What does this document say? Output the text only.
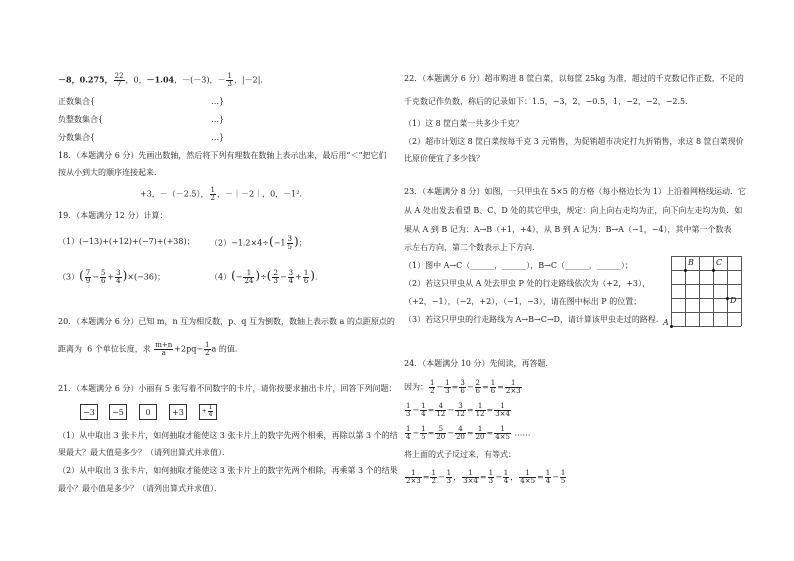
－8，0.275， $\frac{22}{7}$ ，0，－1.04，－(－3)，－ $\frac{1}{3}$ ，|－2|．
正数集合{	…}
负整数集合{	…}
分数集合{	…}
18．（本题满分 6 分）先画出数轴，然后将下列有理数在数轴上表示出来，最后用“＜”把它们
按从小到大的顺序连接起来．
+3，－（－2.5）， $\frac{1}{2}$ ，－｜－2｜，0，－1²．
19．（本题满分 12 分）计算：
（1）(−13)+(+12)+(−7)+(+38)； $(2)-1.2\times 4\div(-1 \frac{3}{5}$ )；
$(3)( \frac{7}{9} - \frac{5}{6} + \frac{3}{4} )\times(-36)$；	$(4)(- \frac{1}{24}$ )÷( $\frac{2}{3} - \frac{3}{4} + \frac{1}{6}$ )．
20．（本题满分 6 分）已知 m，n 互为相反数，p、q 互为倒数，数轴上表示数 a 的点距原点的
距离为 6 个单位长度，求 $\frac{m+n}{a} +2pq- \frac{1}{2}$ a 的值．
21．（本题满分 6 分）小丽有 5 张写着不同数字的卡片，请你按要求抽出卡片，回答下列问题：
−3	−5	0	+3	+ $\frac{1}{4}$
（1）从中取出 3 张卡片，如何抽取才能使这 3 张卡片上的数字先两个相乘，再除以第 3 个的结
果最大？最大值是多少？（请列出算式并求值）．
（2）从中取出 3 张卡片，如何抽取才能使这 3 张卡片上的数字先两个相除，再乘第 3 个的结果
最小？最小值是多少？（请列出算式并求值）．
22．（本题满分 6 分）超市购进 8 筐白菜，以每筐 25kg 为准，超过的千克数记作正数，不足的
千克数记作负数，称后的记录如下：1.5，−3，2，−0.5，1，−2，−2，−2.5．
（1）这 8 筐白菜一共多少千克？
（2）超市计划这 8 筐白菜按每千克 3 元销售，为促销超市决定打九折销售，求这 8 筐白菜现价
比原价便宜了多少钱？
23．（本题满分 8 分）如图，一只甲虫在 5×5 的方格（每小格边长为 1）上沿着网格线运动．它
从 A 处出发去看望 B、C、D 处的其它甲虫，规定：向上向右走均为正，向下向左走均为负．如
果从 A 到 B 记为：A→B（+1，+4），从 B 到 A 记为：B→A（−1，−4），其中第一个数表
示左右方向，第二个数表示上下方向．
（1）图中 A→C（______，______），B→C（______，______）；
（2）若这只甲虫从 A 处去甲虫 P 处的行走路线依次为（+2，+3），
（+2，−1），（−2，+2），（−1，−3），请在图中标出 P 的位置；
（3）若这只甲虫的行走路线为 A→B→C→D，请计算该甲虫走过的路程． A
B	C
D
24．（本题满分 10 分）先阅读，再答题．
因为： $\frac{1}{2} - \frac{1}{3} = \frac{3}{6} - \frac{2}{6} = \frac{1}{6} = \frac{1}{2\times 3}$
$\frac{1}{3} - \frac{1}{4} = \frac{4}{12} - \frac{3}{12} = \frac{1}{12} = \frac{1}{3\times 4}$
$\frac{1}{4} - \frac{1}{5} = \frac{5}{20} - \frac{4}{20} = \frac{1}{20} = \frac{1}{4\times 5}$ ……
将上面的式子反过来，有等式：
$\frac{1}{2\times 3} = \frac{1}{2} - \frac{1}{3}$ ， $\frac{1}{3\times 4} = \frac{1}{3} - \frac{1}{4}$ ， $\frac{1}{4\times 5} = \frac{1}{4} - \frac{1}{5}$
